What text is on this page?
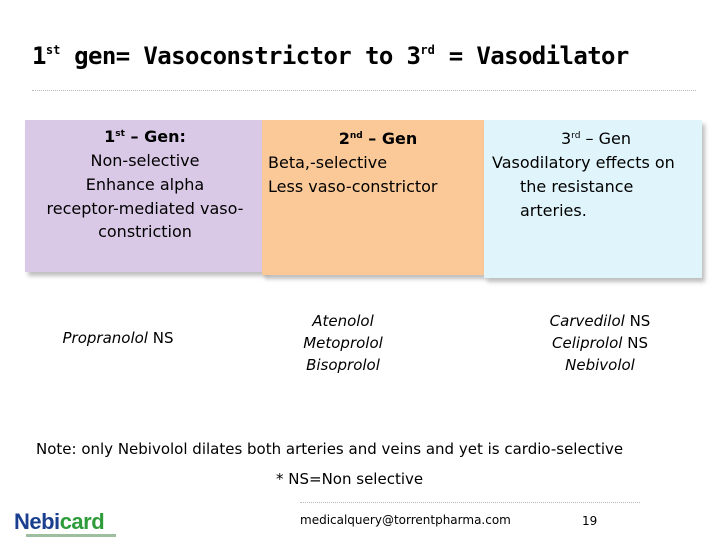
1st gen= Vasoconstrictor to 3rd = Vasodilator
1st – Gen:
Non-selective
Enhance alpha
receptor-mediated vaso-
constriction
2nd – Gen
Beta,-selective
Less vaso-constrictor
3rd – Gen
Vasodilatory effects on
the resistance
arteries.
Propranolol NS
Atenolol
Metoprolol
Bisoprolol
Carvedilol NS
Celiprolol NS
Nebivolol
Note: only Nebivolol dilates both arteries and veins and yet is cardio-selective
* NS=Non selective
medicalquery@torrentpharma.com	19
Nebicard
